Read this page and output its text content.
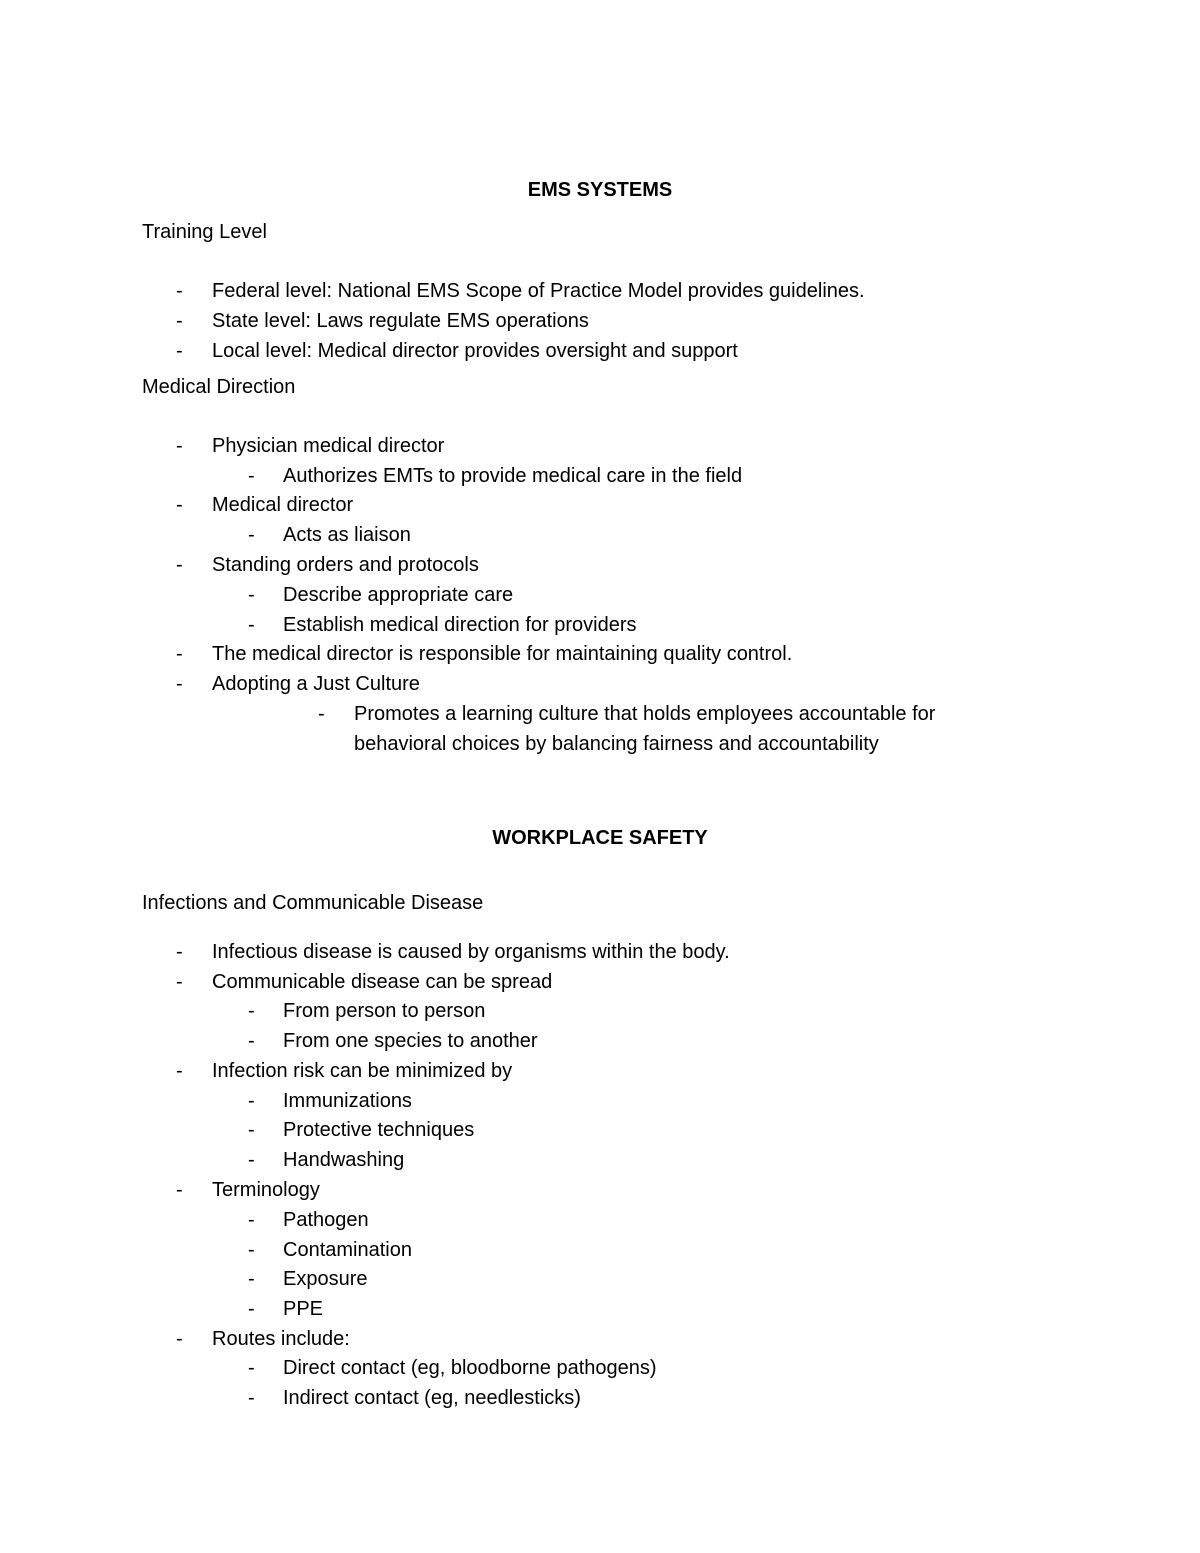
EMS SYSTEMS
Training Level
- Federal level: National EMS Scope of Practice Model provides guidelines.
- State level: Laws regulate EMS operations
- Local level: Medical director provides oversight and support
Medical Direction
- Physician medical director
- Authorizes EMTs to provide medical care in the field
- Medical director
- Acts as liaison
- Standing orders and protocols
- Describe appropriate care
- Establish medical direction for providers
- The medical director is responsible for maintaining quality control.
- Adopting a Just Culture
- Promotes a learning culture that holds employees accountable for
behavioral choices by balancing fairness and accountability
WORKPLACE SAFETY
Infections and Communicable Disease
- Infectious disease is caused by organisms within the body.
- Communicable disease can be spread
- From person to person
- From one species to another
- Infection risk can be minimized by
- Immunizations
- Protective techniques
- Handwashing
- Terminology
- Pathogen
- Contamination
- Exposure
- PPE
- Routes include:
- Direct contact (eg, bloodborne pathogens)
- Indirect contact (eg, needlesticks)
